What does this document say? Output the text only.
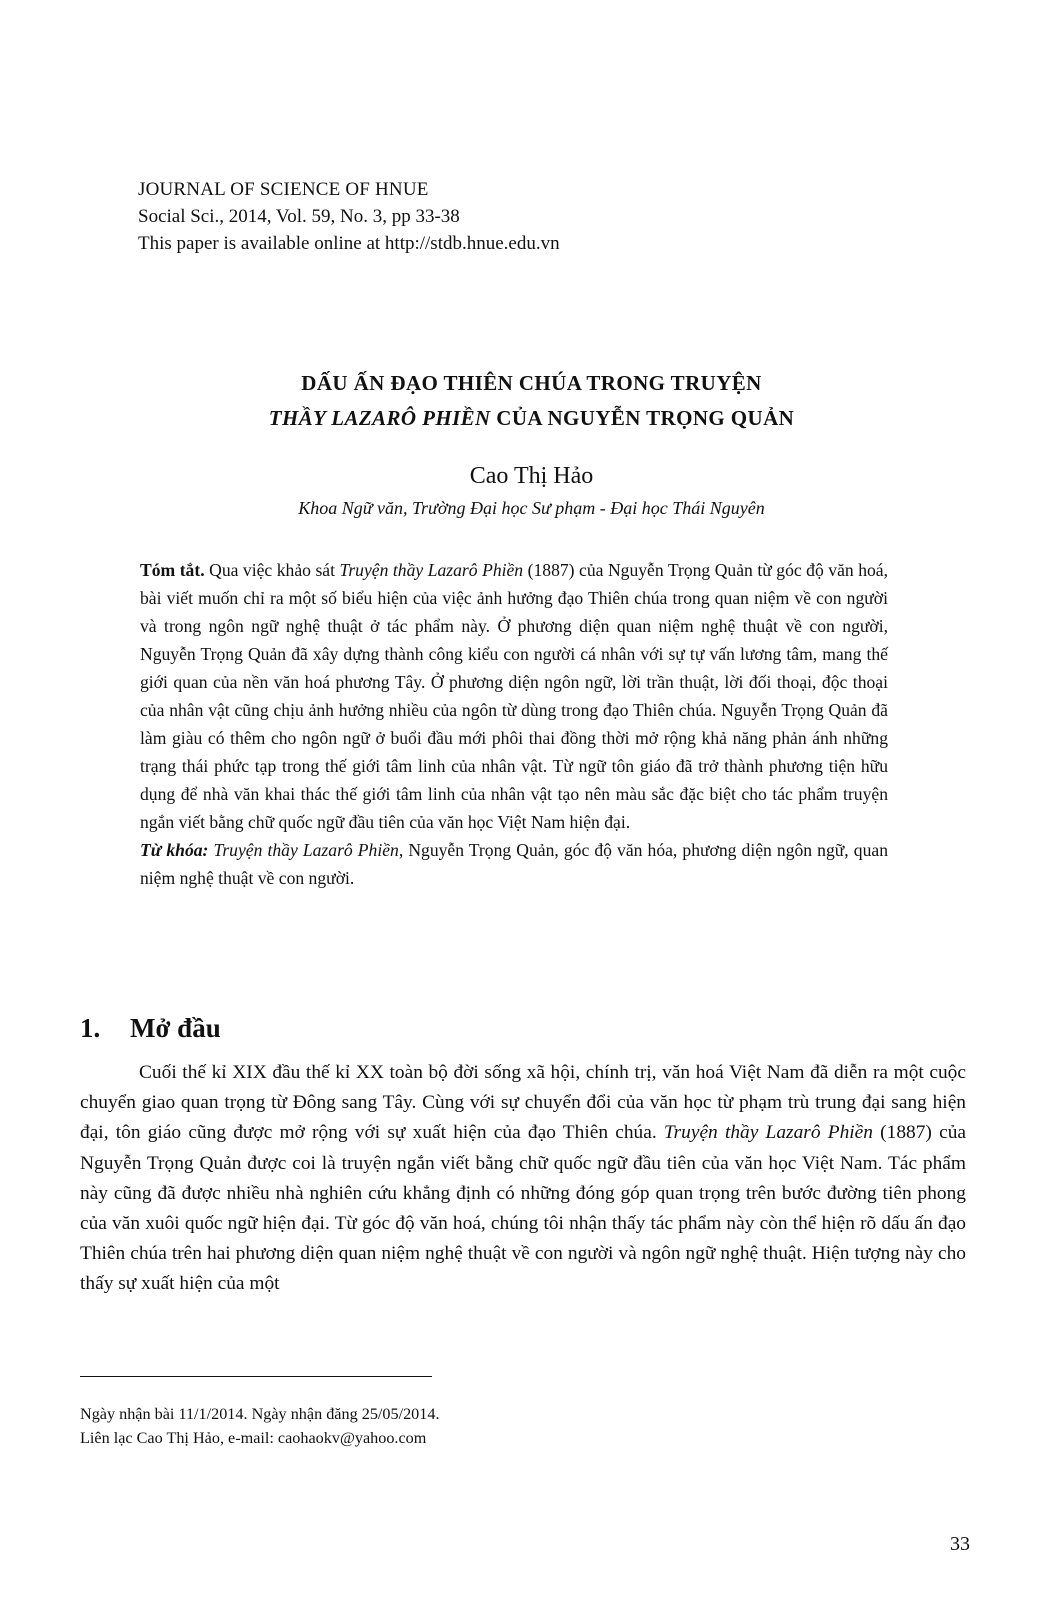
JOURNAL OF SCIENCE OF HNUE
Social Sci., 2014, Vol. 59, No. 3, pp 33-38
This paper is available online at http://stdb.hnue.edu.vn
DẤU ẤN ĐẠO THIÊN CHÚA TRONG TRUYỆN
THẦY LAZARÔ PHIỀN CỦA NGUYỄN TRỌNG QUẢN
Cao Thị Hảo
Khoa Ngữ văn, Trường Đại học Sư phạm - Đại học Thái Nguyên

Tóm tắt. Qua việc khảo sát Truyện thầy Lazarô Phiền (1887) của Nguyễn Trọng Quản từ góc độ văn hoá, bài viết muốn chỉ ra một số biểu hiện của việc ảnh hưởng đạo Thiên chúa trong quan niệm về con người và trong ngôn ngữ nghệ thuật ở tác phẩm này. Ở phương diện quan niệm nghệ thuật về con người, Nguyễn Trọng Quản đã xây dựng thành công kiểu con người cá nhân với sự tự vấn lương tâm, mang thế giới quan của nền văn hoá phương Tây. Ở phương diện ngôn ngữ, lời trần thuật, lời đối thoại, độc thoại của nhân vật cũng chịu ảnh hưởng nhiều của ngôn từ dùng trong đạo Thiên chúa. Nguyễn Trọng Quản đã làm giàu có thêm cho ngôn ngữ ở buổi đầu mới phôi thai đồng thời mở rộng khả năng phản ánh những trạng thái phức tạp trong thế giới tâm linh của nhân vật. Từ ngữ tôn giáo đã trở thành phương tiện hữu dụng để nhà văn khai thác thế giới tâm linh của nhân vật tạo nên màu sắc đặc biệt cho tác phẩm truyện ngắn viết bằng chữ quốc ngữ đầu tiên của văn học Việt Nam hiện đại.

Từ khóa: Truyện thầy Lazarô Phiền, Nguyễn Trọng Quản, góc độ văn hóa, phương diện ngôn ngữ, quan niệm nghệ thuật về con người.

1. Mở đầu

Cuối thế kỉ XIX đầu thế kỉ XX toàn bộ đời sống xã hội, chính trị, văn hoá Việt Nam đã diễn ra một cuộc chuyển giao quan trọng từ Đông sang Tây. Cùng với sự chuyển đổi của văn học từ phạm trù trung đại sang hiện đại, tôn giáo cũng được mở rộng với sự xuất hiện của đạo Thiên chúa. Truyện thầy Lazarô Phiền (1887) của Nguyễn Trọng Quản được coi là truyện ngắn viết bằng chữ quốc ngữ đầu tiên của văn học Việt Nam. Tác phẩm này cũng đã được nhiều nhà nghiên cứu khẳng định có những đóng góp quan trọng trên bước đường tiên phong của văn xuôi quốc ngữ hiện đại. Từ góc độ văn hoá, chúng tôi nhận thấy tác phẩm này còn thể hiện rõ dấu ấn đạo Thiên chúa trên hai phương diện quan niệm nghệ thuật về con người và ngôn ngữ nghệ thuật. Hiện tượng này cho thấy sự xuất hiện của một

Ngày nhận bài 11/1/2014. Ngày nhận đăng 25/05/2014.
Liên lạc Cao Thị Hảo, e-mail: caohaokv@yahoo.com
33
